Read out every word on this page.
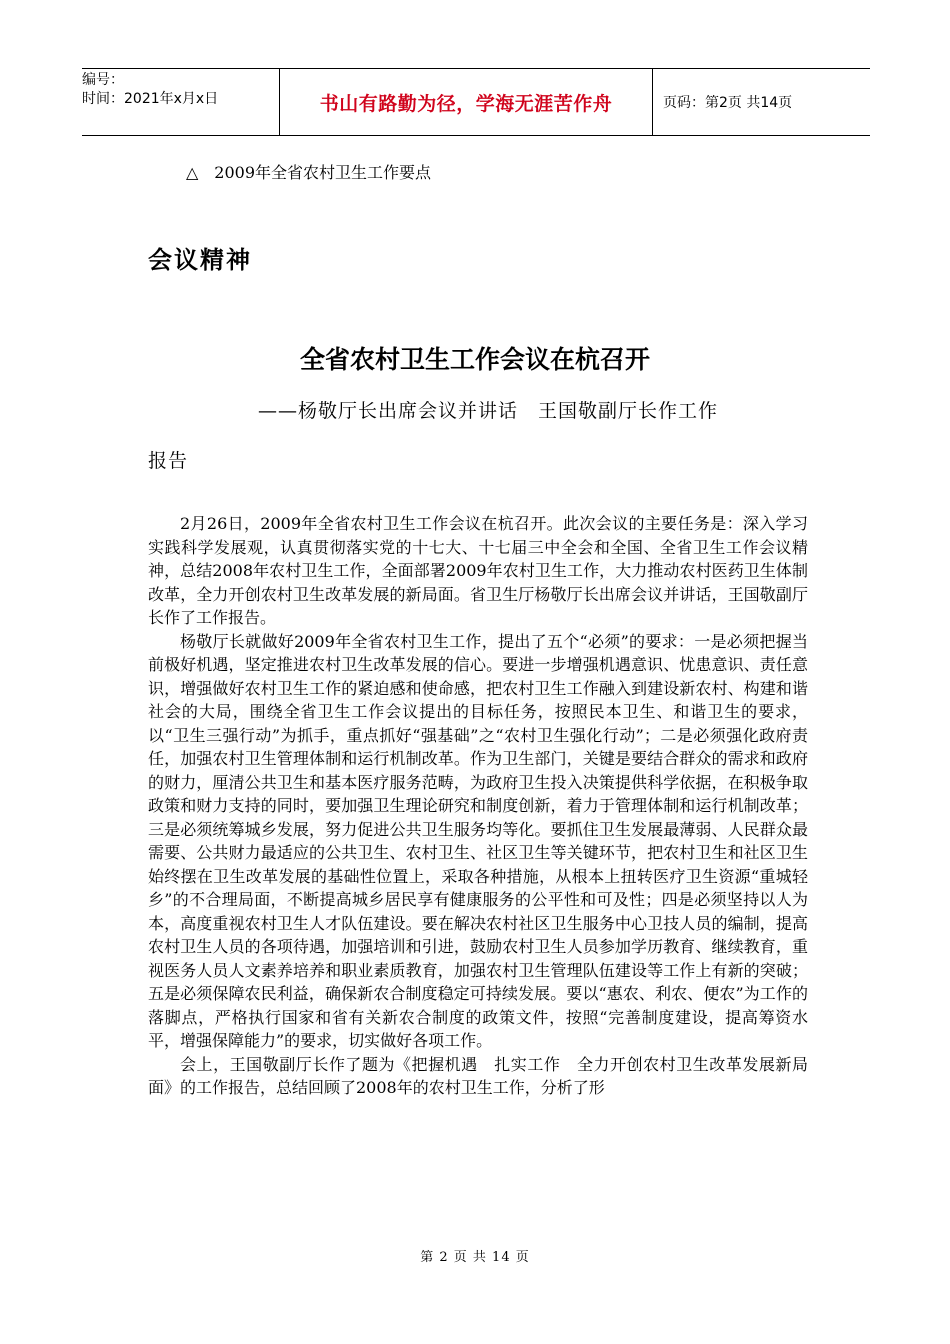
编号：
时间：2021年x月x日	书山有路勤为径，学海无涯苦作舟	页码：第2页 共14页
△　2009年全省农村卫生工作要点
会议精神
全省农村卫生工作会议在杭召开
——杨敬厅长出席会议并讲话　王国敬副厅长作工作
报告

2月26日，2009年全省农村卫生工作会议在杭召开。此次会议的主要任务是：深入学习实践科学发展观，认真贯彻落实党的十七大、十七届三中全会和全国、全省卫生工作会议精神，总结2008年农村卫生工作，全面部署2009年农村卫生工作，大力推动农村医药卫生体制改革，全力开创农村卫生改革发展的新局面。省卫生厅杨敬厅长出席会议并讲话，王国敬副厅长作了工作报告。

杨敬厅长就做好2009年全省农村卫生工作，提出了五个“必须”的要求：一是必须把握当前极好机遇，坚定推进农村卫生改革发展的信心。要进一步增强机遇意识、忧患意识、责任意识，增强做好农村卫生工作的紧迫感和使命感，把农村卫生工作融入到建设新农村、构建和谐社会的大局，围绕全省卫生工作会议提出的目标任务，按照民本卫生、和谐卫生的要求，以“卫生三强行动”为抓手，重点抓好“强基础”之“农村卫生强化行动”；二是必须强化政府责任，加强农村卫生管理体制和运行机制改革。作为卫生部门，关键是要结合群众的需求和政府的财力，厘清公共卫生和基本医疗服务范畴，为政府卫生投入决策提供科学依据，在积极争取政策和财力支持的同时，要加强卫生理论研究和制度创新，着力于管理体制和运行机制改革；三是必须统筹城乡发展，努力促进公共卫生服务均等化。要抓住卫生发展最薄弱、人民群众最需要、公共财力最适应的公共卫生、农村卫生、社区卫生等关键环节，把农村卫生和社区卫生始终摆在卫生改革发展的基础性位置上，采取各种措施，从根本上扭转医疗卫生资源“重城轻乡”的不合理局面，不断提高城乡居民享有健康服务的公平性和可及性；四是必须坚持以人为本，高度重视农村卫生人才队伍建设。要在解决农村社区卫生服务中心卫技人员的编制，提高农村卫生人员的各项待遇，加强培训和引进，鼓励农村卫生人员参加学历教育、继续教育，重视医务人员人文素养培养和职业素质教育，加强农村卫生管理队伍建设等工作上有新的突破；五是必须保障农民利益，确保新农合制度稳定可持续发展。要以“惠农、利农、便农”为工作的落脚点，严格执行国家和省有关新农合制度的政策文件，按照“完善制度建设，提高筹资水平，增强保障能力”的要求，切实做好各项工作。

会上，王国敬副厅长作了题为《把握机遇　扎实工作　全力开创农村卫生改革发展新局面》的工作报告，总结回顾了2008年的农村卫生工作，分析了形

第 2 页 共 14 页
